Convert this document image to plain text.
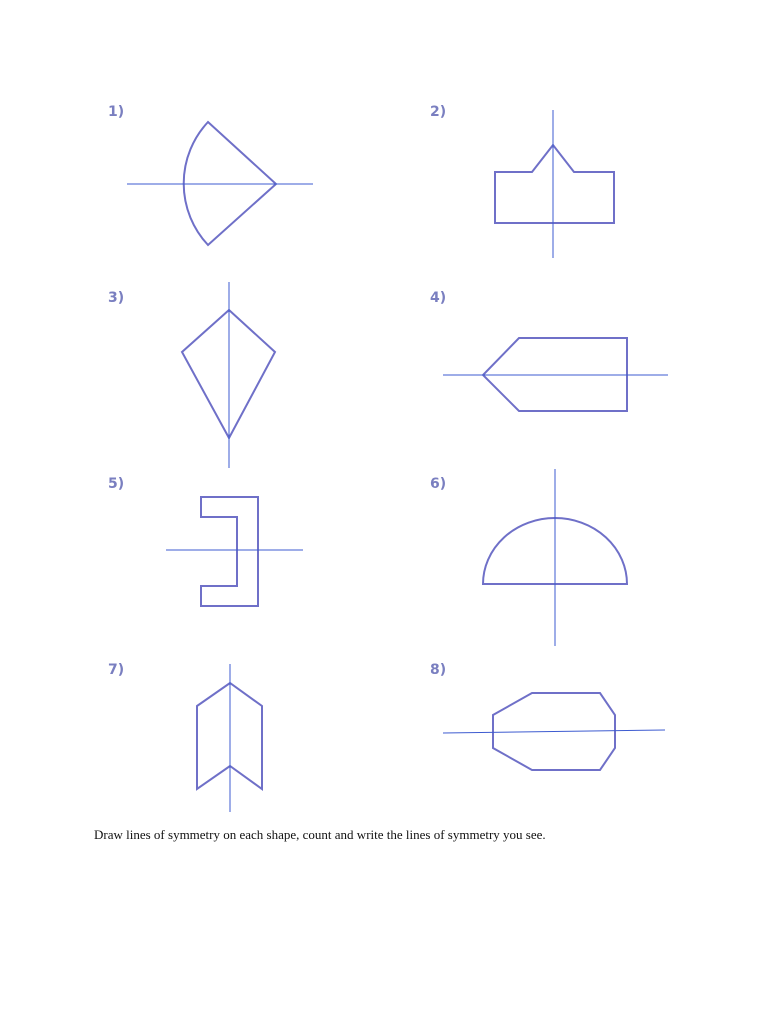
1)	2)
3)	4)
5)	6)
7)	8)
Draw lines of symmetry on each shape, count and write the lines of symmetry you see.
